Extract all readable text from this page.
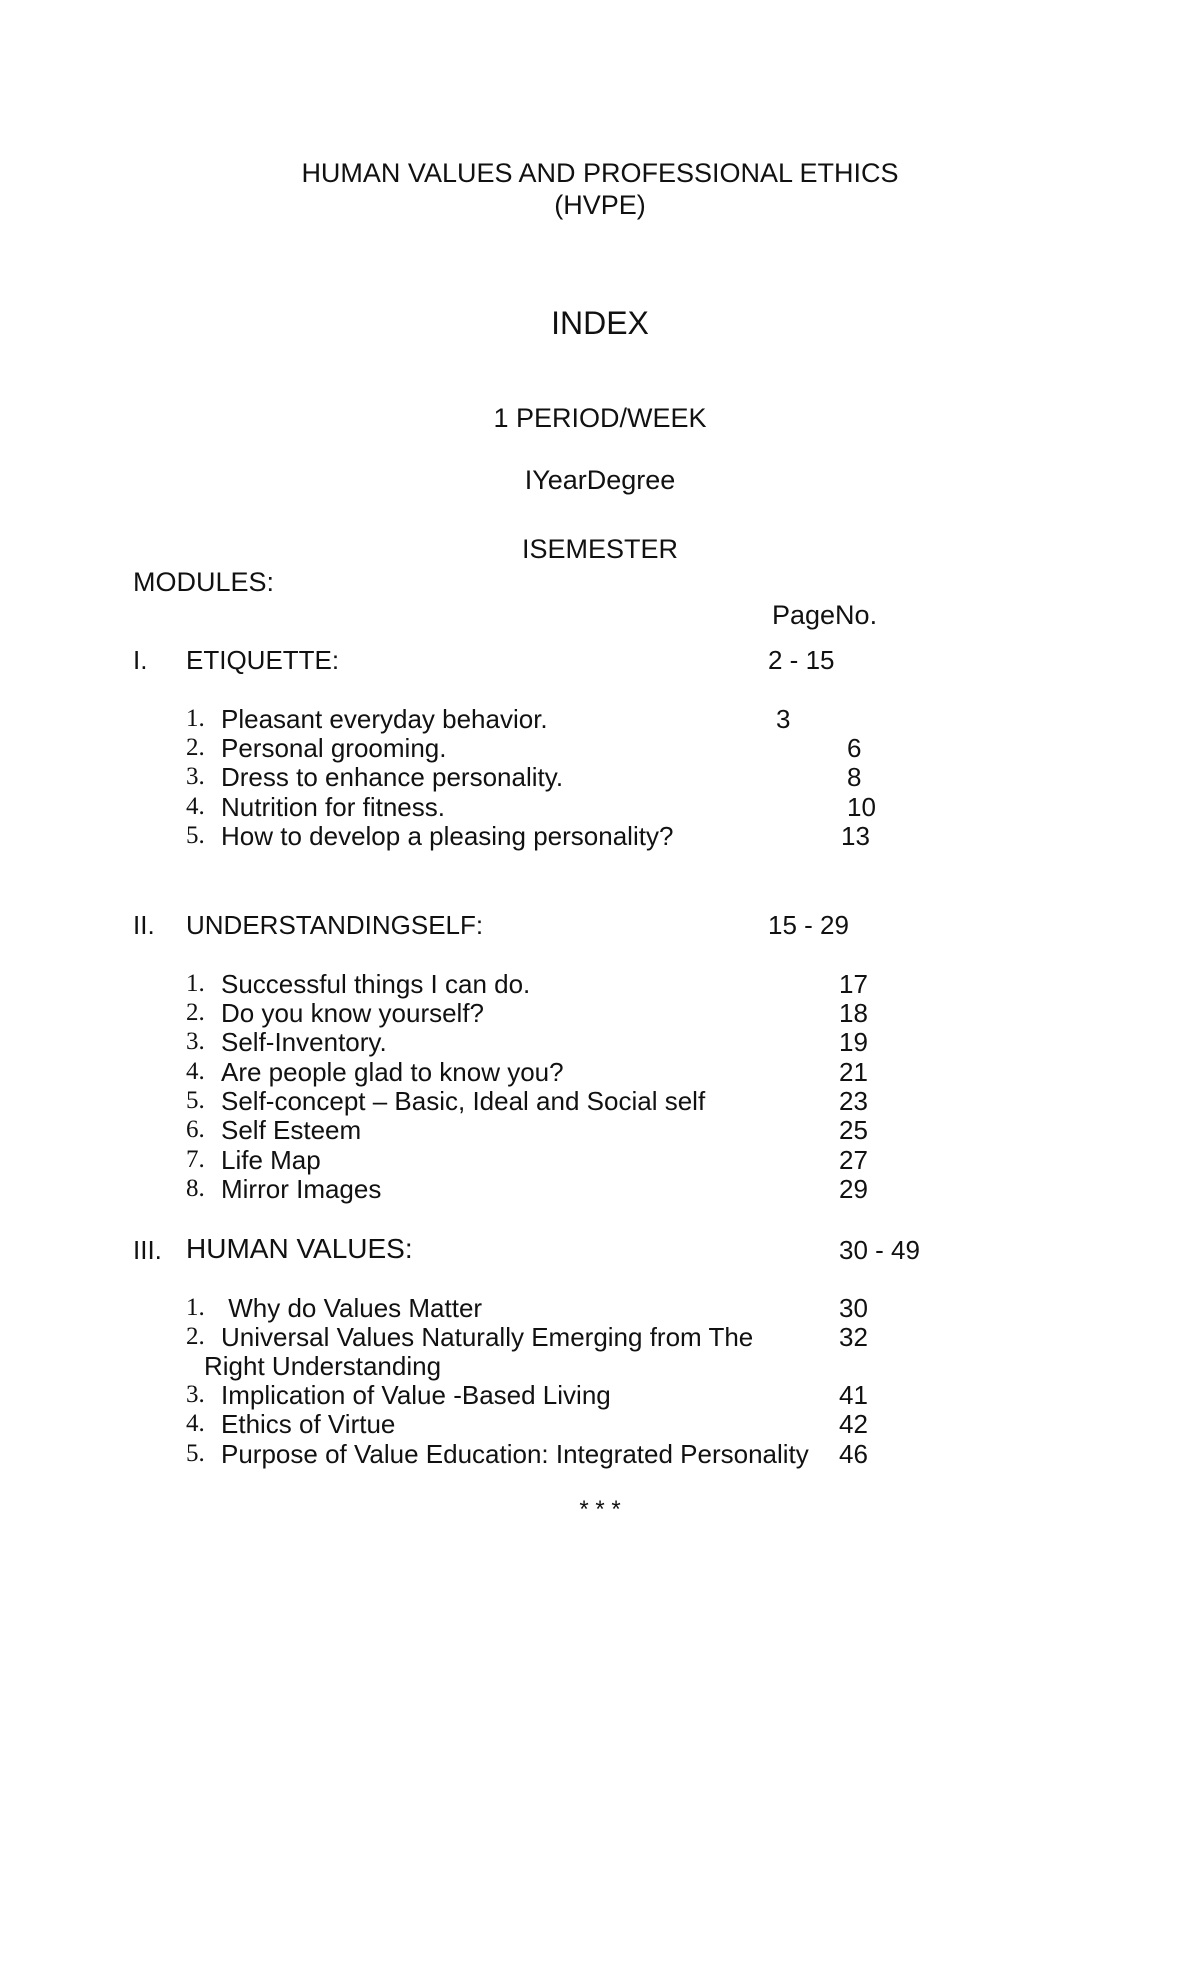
HUMAN VALUES AND PROFESSIONAL ETHICS
(HVPE)
INDEX
1 PERIOD/WEEK
IYearDegree
ISEMESTER
MODULES:
PageNo.
I. ETIQUETTE:	2 - 15
1. Pleasant everyday behavior.	3
2. Personal grooming.	6
3. Dress to enhance personality.	8
4. Nutrition for fitness.	10
5. How to develop a pleasing personality?	13
II. UNDERSTANDINGSELF:	15 - 29
1. Successful things I can do.	17
2. Do you know yourself?	18
3. Self-Inventory.	19
4. Are people glad to know you?	21
5. Self-concept – Basic, Ideal and Social self	23
6. Self Esteem	25
7. Life Map	27
8. Mirror Images	29
III. HUMAN VALUES:	30 - 49
1. Why do Values Matter	30
2. Universal Values Naturally Emerging from The	32
Right Understanding
3. Implication of Value -Based Living	41
4. Ethics of Virtue	42
5. Purpose of Value Education: Integrated Personality 46
* * *
